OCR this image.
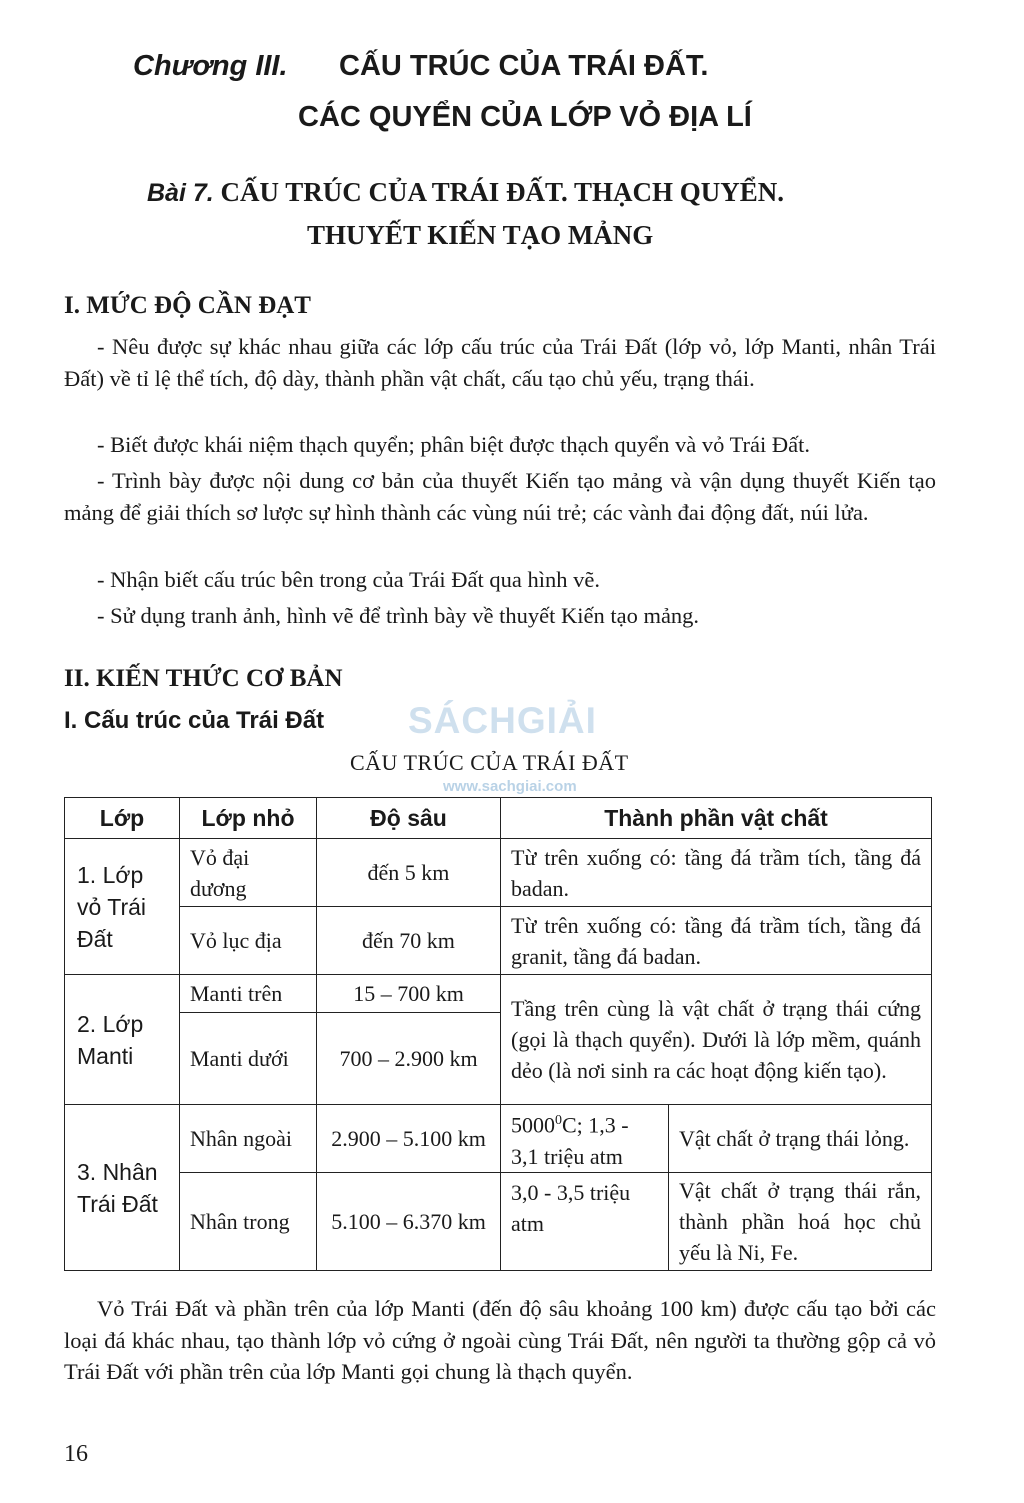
Chương III. CẤU TRÚC CỦA TRÁI ĐẤT.
CÁC QUYỂN CỦA LỚP VỎ ĐỊA LÍ
Bài 7. CẤU TRÚC CỦA TRÁI ĐẤT. THẠCH QUYỂN.
THUYẾT KIẾN TẠO MẢNG
I. MỨC ĐỘ CẦN ĐẠT

- Nêu được sự khác nhau giữa các lớp cấu trúc của Trái Đất (lớp vỏ, lớp Manti, nhân Trái Đất) về tỉ lệ thể tích, độ dày, thành phần vật chất, cấu tạo chủ yếu, trạng thái.

- Biết được khái niệm thạch quyển; phân biệt được thạch quyển và vỏ Trái Đất.

- Trình bày được nội dung cơ bản của thuyết Kiến tạo mảng và vận dụng thuyết Kiến tạo mảng để giải thích sơ lược sự hình thành các vùng núi trẻ; các vành đai động đất, núi lửa.

- Nhận biết cấu trúc bên trong của Trái Đất qua hình vẽ.

- Sử dụng tranh ảnh, hình vẽ để trình bày về thuyết Kiến tạo mảng.

II. KIẾN THỨC CƠ BẢN
I. Cấu trúc của Trái Đất SÁCHGIẢI
www.sachgiai.com
CẤU TRÚC CỦA TRÁI ĐẤT
Lớp	Lớp nhỏ	Độ sâu	Thành phần vật chất	
1. Lớp vỏ Trái Đất	Vỏ đại dương	đến 5 km	Từ trên xuống có: tầng đá trầm tích, tầng đá badan.	
	Vỏ lục địa	đến 70 km	Từ trên xuống có: tầng đá trầm tích, tầng đá granit, tầng đá badan.	
2. Lớp Manti	Manti trên	15 – 700 km	Tầng trên cùng là vật chất ở trạng thái cứng (gọi là thạch quyển). Dưới là lớp mềm, quánh dẻo (là nơi sinh ra các hoạt động kiến tạo).	
	Manti dưới	700 – 2.900 km		
3. Nhân Trái Đất	Nhân ngoài	2.900 – 5.100 km	5000$^0$C; 1,3 - 3,1 triệu atm	Vật chất ở trạng thái lỏng.
	Nhân trong	5.100 – 6.370 km	3,0 - 3,5 triệu atm	Vật chất ở trạng thái rắn, thành phần hoá học chủ yếu là Ni, Fe.

Vỏ Trái Đất và phần trên của lớp Manti (đến độ sâu khoảng 100 km) được cấu tạo bởi các loại đá khác nhau, tạo thành lớp vỏ cứng ở ngoài cùng Trái Đất, nên người ta thường gộp cả vỏ Trái Đất với phần trên của lớp Manti gọi chung là thạch quyển.

16
